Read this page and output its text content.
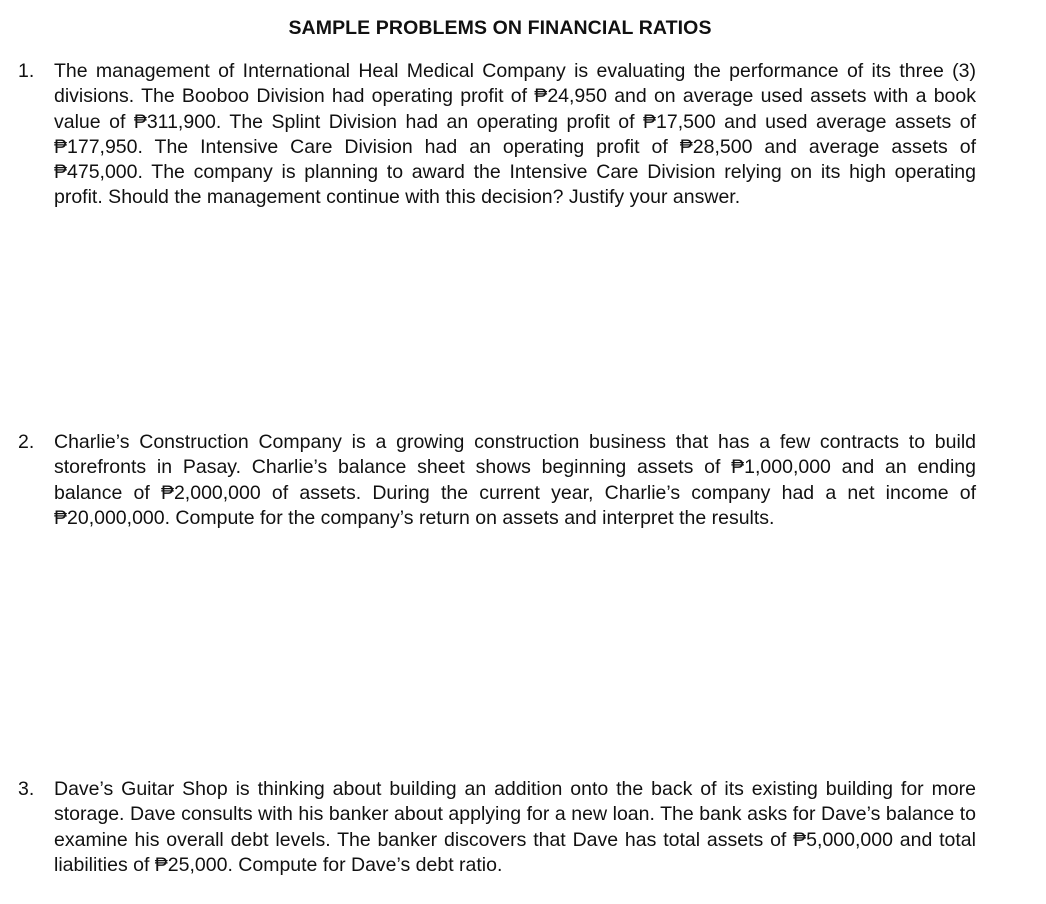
SAMPLE PROBLEMS ON FINANCIAL RATIOS
1. The management of International Heal Medical Company is evaluating the performance of its three (3) divisions. The Booboo Division had operating profit of ₱24,950 and on average used assets with a book value of ₱311,900. The Splint Division had an operating profit of ₱17,500 and used average assets of ₱177,950. The Intensive Care Division had an operating profit of ₱28,500 and average assets of ₱475,000. The company is planning to award the Intensive Care Division relying on its high operating profit. Should the management continue with this decision? Justify your answer.
2. Charlie’s Construction Company is a growing construction business that has a few contracts to build storefronts in Pasay. Charlie’s balance sheet shows beginning assets of ₱1,000,000 and an ending balance of ₱2,000,000 of assets. During the current year, Charlie’s company had a net income of ₱20,000,000. Compute for the company’s return on assets and interpret the results.
3. Dave’s Guitar Shop is thinking about building an addition onto the back of its existing building for more storage. Dave consults with his banker about applying for a new loan. The bank asks for Dave’s balance to examine his overall debt levels. The banker discovers that Dave has total assets of ₱5,000,000 and total liabilities of ₱25,000. Compute for Dave’s debt ratio.
